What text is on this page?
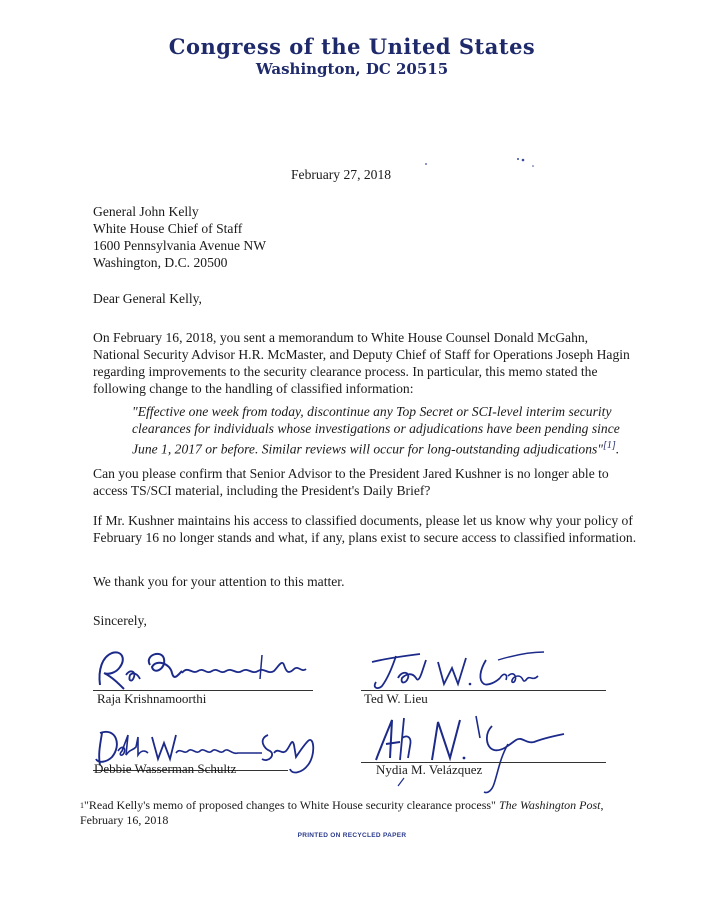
Congress of the United States
Washington, DC 20515
February 27, 2018
General John Kelly
White House Chief of Staff
1600 Pennsylvania Avenue NW
Washington, D.C. 20500
Dear General Kelly,
On February 16, 2018, you sent a memorandum to White House Counsel Donald McGahn, National Security Advisor H.R. McMaster, and Deputy Chief of Staff for Operations Joseph Hagin regarding improvements to the security clearance process. In particular, this memo stated the following change to the handling of classified information:
"Effective one week from today, discontinue any Top Secret or SCI-level interim security clearances for individuals whose investigations or adjudications have been pending since June 1, 2017 or before. Similar reviews will occur for long-outstanding adjudications"[1].
Can you please confirm that Senior Advisor to the President Jared Kushner is no longer able to access TS/SCI material, including the President's Daily Brief?
If Mr. Kushner maintains his access to classified documents, please let us know why your policy of February 16 no longer stands and what, if any, plans exist to secure access to classified information.
We thank you for your attention to this matter.
Sincerely,
Raja Krishnamoorthi	Ted W. Lieu
Debbie Wasserman Schultz	Nydia M. Velázquez
$^1$"Read Kelly's memo of proposed changes to White House security clearance process" The Washington Post, February 16, 2018
PRINTED ON RECYCLED PAPER
